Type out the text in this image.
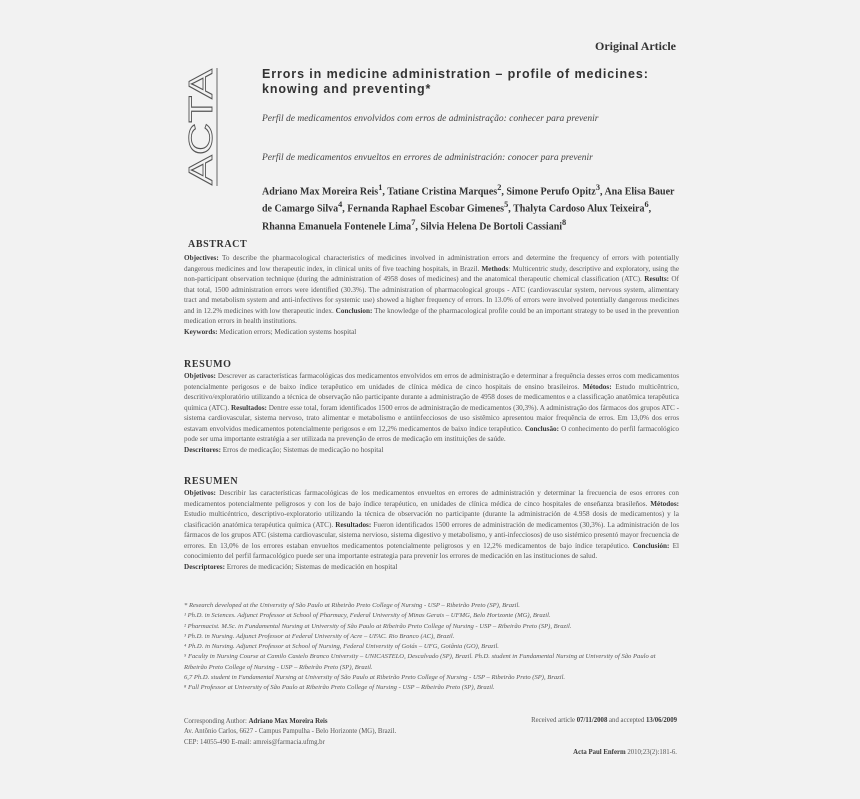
Original Article
ACTA
Errors in medicine administration – profile of medicines: knowing and preventing*
Perfil de medicamentos envolvidos com erros de administração: conhecer para prevenir
Perfil de medicamentos envueltos en errores de administración: conocer para prevenir
Adriano Max Moreira Reis$^1$, Tatiane Cristina Marques$^2$, Simone Perufo Opitz$^3$, Ana Elisa Bauer de Camargo Silva$^4$, Fernanda Raphael Escobar Gimenes$^5$, Thalyta Cardoso Alux Teixeira$^6$, Rhanna Emanuela Fontenele Lima$^7$, Silvia Helena De Bortoli Cassiani$^8$
ABSTRACT
Objectives: To describe the pharmacological characteristics of medicines involved in administration errors and determine the frequency of errors with potentially dangerous medicines and low therapeutic index, in clinical units of five teaching hospitals, in Brazil. Methods: Multicentric study, descriptive and exploratory, using the non-participant observation technique (during the administration of 4958 doses of medicines) and the anatomical therapeutic chemical classification (ATC). Results: Of that total, 1500 administration errors were identified (30.3%). The administration of pharmacological groups - ATC (cardiovascular system, nervous system, alimentary tract and metabolism system and anti-infectives for systemic use) showed a higher frequency of errors. In 13.0% of errors were involved potentially dangerous medicines and in 12.2% medicines with low therapeutic index. Conclusion: The knowledge of the pharmacological profile could be an important strategy to be used in the prevention medication errors in health institutions.
Keywords: Medication errors; Medication systems hospital
RESUMO
Objetivos: Descrever as características farmacológicas dos medicamentos envolvidos em erros de administração e determinar a frequência desses erros com medicamentos potencialmente perigosos e de baixo índice terapêutico em unidades de clínica médica de cinco hospitais de ensino brasileiros. Métodos: Estudo multicêntrico, descritivo/exploratório utilizando a técnica de observação não participante durante a administração de 4958 doses de medicamentos e a classificação anatômica terapêutica química (ATC). Resultados: Dentre esse total, foram identificados 1500 erros de administração de medicamentos (30,3%). A administração dos fármacos dos grupos ATC - sistema cardiovascular, sistema nervoso, trato alimentar e metabolismo e antiinfecciosos de uso sistêmico apresentou maior frequência de erros. Em 13,0% dos erros estavam envolvidos medicamentos potencialmente perigosos e em 12,2% medicamentos de baixo índice terapêutico. Conclusão: O conhecimento do perfil farmacológico pode ser uma importante estratégia a ser utilizada na prevenção de erros de medicação em instituições de saúde.
Descritores: Erros de medicação; Sistemas de medicação no hospital
RESUMEN
Objetivos: Describir las características farmacológicas de los medicamentos envueltos en errores de administración y determinar la frecuencia de esos errores con medicamentos potencialmente peligrosos y con los de bajo índice terapéutico, en unidades de clínica médica de cinco hospitales de enseñanza brasileños. Métodos: Estudio multicéntrico, descriptivo-exploratorio utilizando la técnica de observación no participante (durante la administración de 4.958 dosis de medicamentos) y la clasificación anatómica terapéutica química (ATC). Resultados: Fueron identificados 1500 errores de administración de medicamentos (30,3%). La administración de los fármacos de los grupos ATC (sistema cardiovascular, sistema nervioso, sistema digestivo y metabolismo, y anti-infecciosos) de uso sistémico presentó mayor frecuencia de errores. En 13,0% de los errores estaban envueltos medicamentos potencialmente peligrosos y en 12,2% medicamentos de bajo índice terapéutico. Conclusión: El conocimiento del perfil farmacológico puede ser una importante estrategia para prevenir los errores de medicación en las instituciones de salud.
Descriptores: Errores de medicación; Sistemas de medicación en hospital
* Research developed at the University of São Paulo at Ribeirão Preto College of Nursing - USP – Ribeirão Preto (SP), Brazil.
¹ Ph.D. in Sciences. Adjunct Professor at School of Pharmacy, Federal University of Minas Gerais – UFMG, Belo Horizonte (MG), Brazil.
² Pharmacist. M.Sc. in Fundamental Nursing at University of São Paulo at Ribeirão Preto College of Nursing - USP – Ribeirão Preto (SP), Brazil.
³ Ph.D. in Nursing. Adjunct Professor at Federal University of Acre – UFAC. Rio Branco (AC), Brazil.
⁴ Ph.D. in Nursing. Adjunct Professor at School of Nursing, Federal University of Goiás – UFG, Goiânia (GO), Brazil.
⁵ Faculty in Nursing Course at Camilo Castelo Branco University – UNICASTELO, Descalvado (SP), Brazil. Ph.D. student in Fundamental Nursing at University of São Paulo at Ribeirão Preto College of Nursing - USP – Ribeirão Preto (SP), Brazil.
6,7 Ph.D. student in Fundamental Nursing at University of São Paulo at Ribeirão Preto College of Nursing - USP – Ribeirão Preto (SP), Brazil.
⁸ Full Professor at University of São Paulo at Ribeirão Preto College of Nursing - USP – Ribeirão Preto (SP), Brazil.
Corresponding Author: Adriano Max Moreira Reis
Av. Antônio Carlos, 6627 - Campus Pampulha - Belo Horizonte (MG), Brazil.
CEP: 14055-490 E-mail: amreis@farmacia.ufmg.br
Received article 07/11/2008 and accepted 13/06/2009
Acta Paul Enferm 2010;23(2):181-6.
